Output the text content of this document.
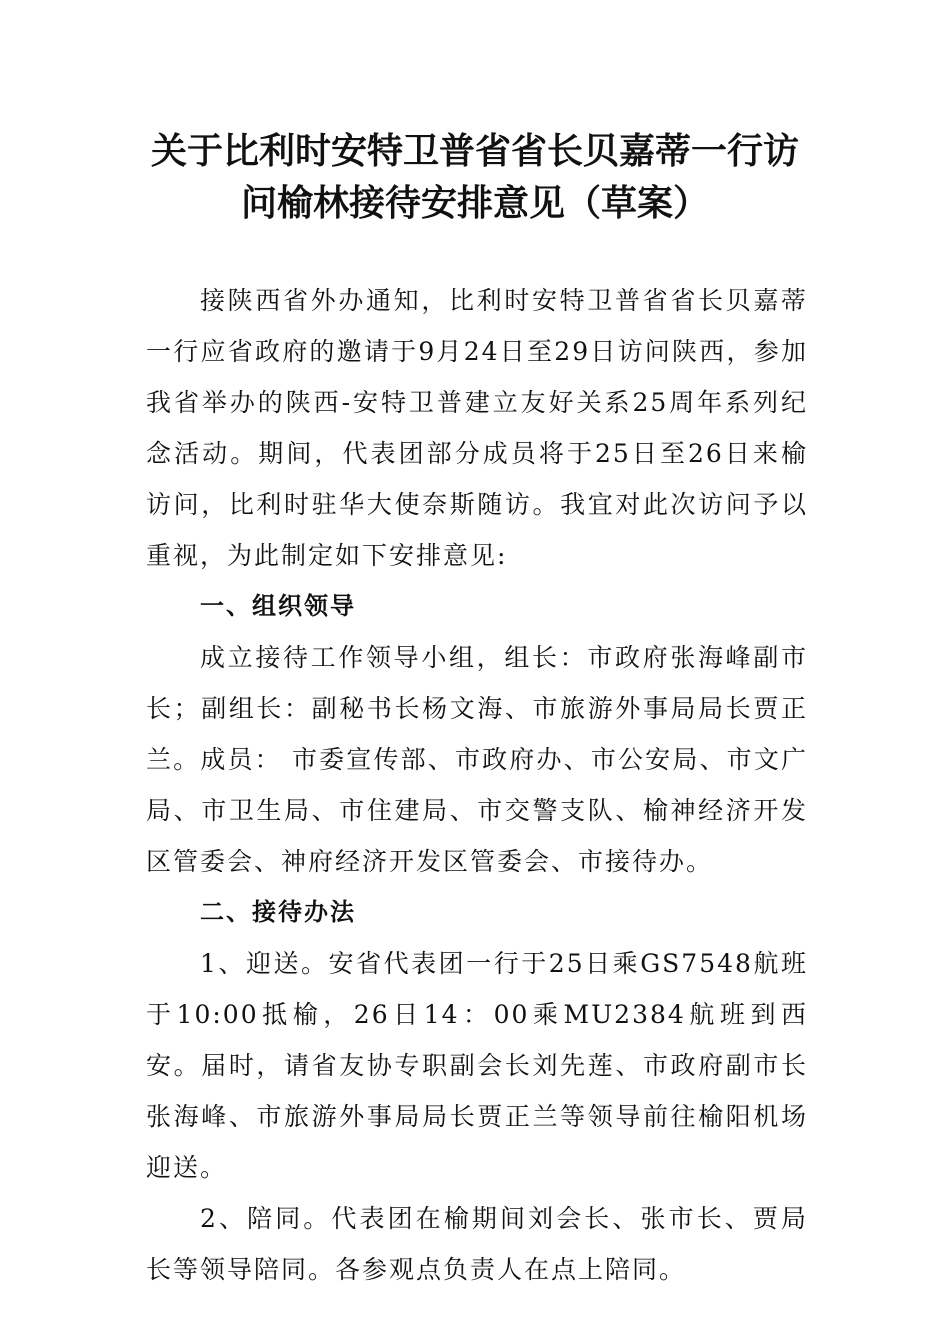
关于比利时安特卫普省省长贝嘉蒂一行访
问榆林接待安排意见（草案）

接陕西省外办通知，比利时安特卫普省省长贝嘉蒂一行应省政府的邀请于9月24日至29日访问陕西，参加我省举办的陕西-安特卫普建立友好关系25周年系列纪念活动。期间，代表团部分成员将于25日至26日来榆访问，比利时驻华大使奈斯随访。我宜对此次访问予以重视，为此制定如下安排意见:

一、组织领导

成立接待工作领导小组，组长：市政府张海峰副市长；副组长：副秘书长杨文海、市旅游外事局局长贾正兰。成员： 市委宣传部、市政府办、市公安局、市文广局、市卫生局、市住建局、市交警支队、榆神经济开发区管委会、神府经济开发区管委会、市接待办。

二、接待办法

1、迎送。安省代表团一行于25日乘GS7548航班于10:00抵榆，26日14：00乘MU2384航班到西安。届时，请省友协专职副会长刘先莲、市政府副市长张海峰、市旅游外事局局长贾正兰等领导前往榆阳机场迎送。

2、陪同。代表团在榆期间刘会长、张市长、贾局长等领导陪同。各参观点负责人在点上陪同。
